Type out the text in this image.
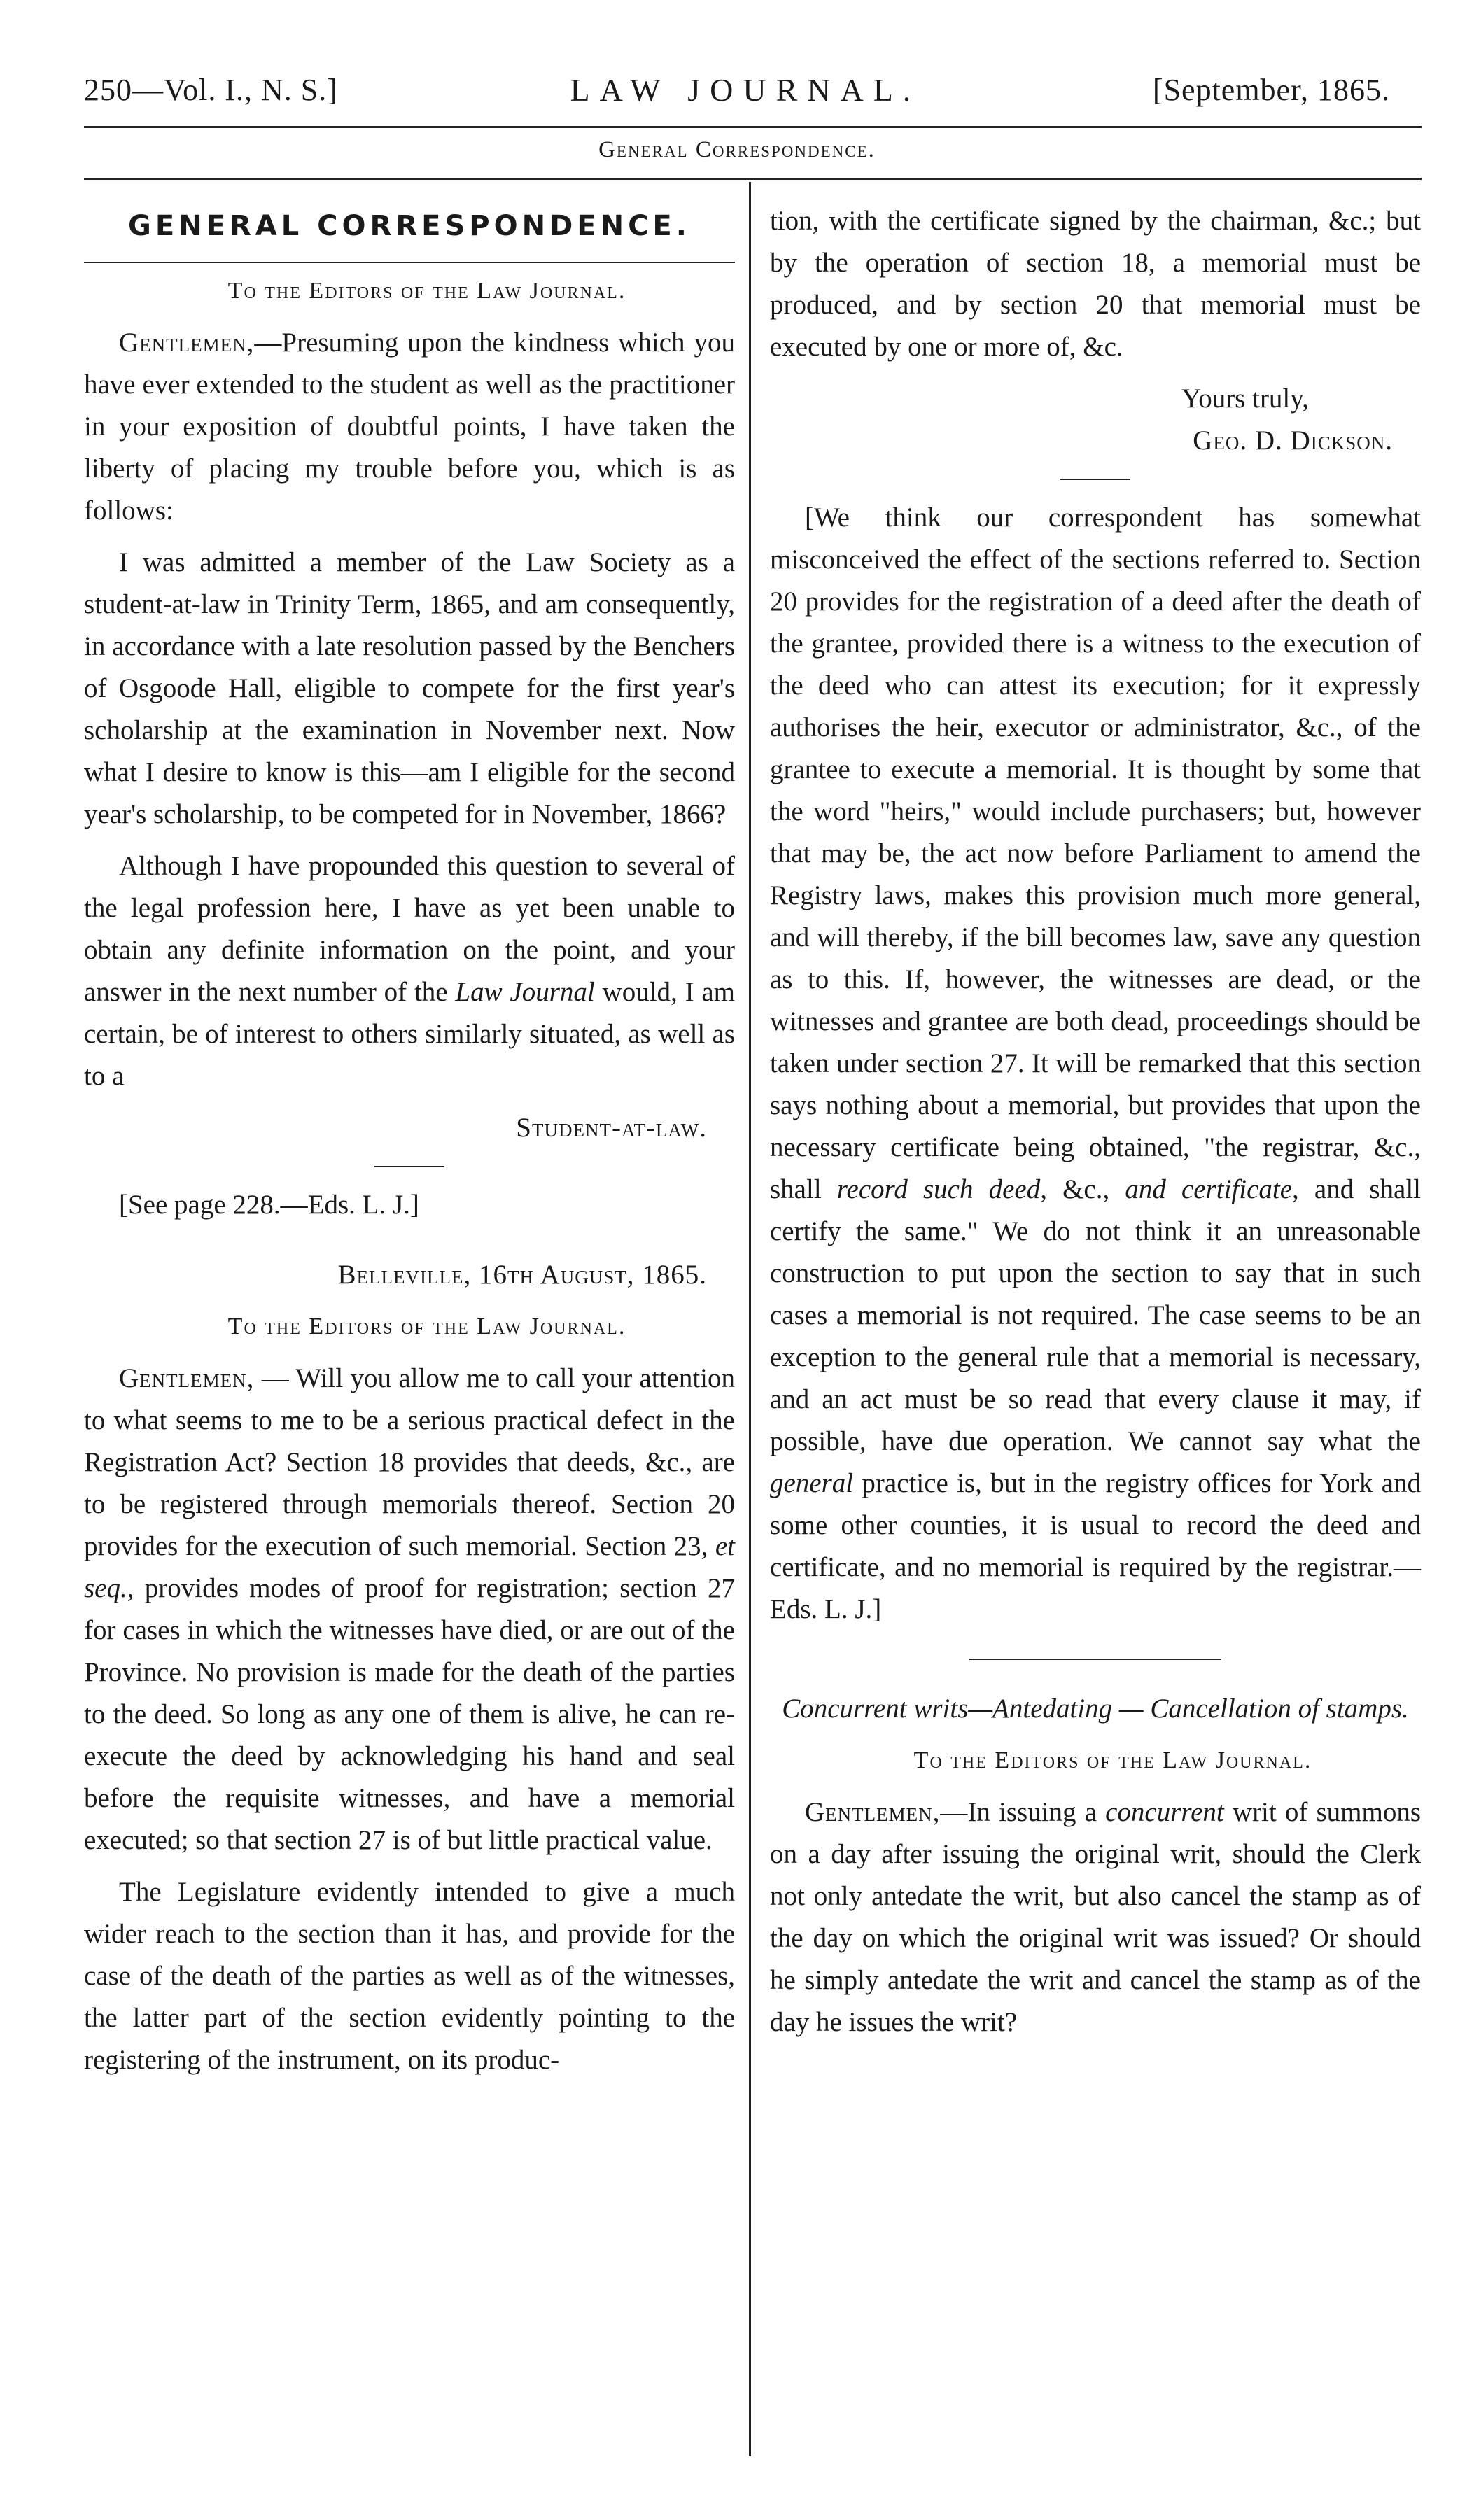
250—Vol. I., N. S.]	LAW JOURNAL.	[September, 1865.
General Correspondence.
GENERAL CORRESPONDENCE.

To the Editors of the Law Journal.

Gentlemen,—Presuming upon the kindness which you have ever extended to the student as well as the practitioner in your exposition of doubtful points, I have taken the liberty of placing my trouble before you, which is as follows:

I was admitted a member of the Law Society as a student-at-law in Trinity Term, 1865, and am consequently, in accordance with a late resolution passed by the Benchers of Osgoode Hall, eligible to compete for the first year's scholarship at the examination in November next. Now what I desire to know is this—am I eligible for the second year's scholarship, to be competed for in November, 1866?

Although I have propounded this question to several of the legal profession here, I have as yet been unable to obtain any definite information on the point, and your answer in the next number of the Law Journal would, I am certain, be of interest to others similarly situated, as well as to a

Student-at-law.

[See page 228.—Eds. L. J.]

Belleville, 16th August, 1865.

To the Editors of the Law Journal.

Gentlemen, — Will you allow me to call your attention to what seems to me to be a serious practical defect in the Registration Act? Section 18 provides that deeds, &c., are to be registered through memorials thereof. Section 20 provides for the execution of such memorial. Section 23, et seq., provides modes of proof for registration; section 27 for cases in which the witnesses have died, or are out of the Province. No provision is made for the death of the parties to the deed. So long as any one of them is alive, he can re-execute the deed by acknowledging his hand and seal before the requisite witnesses, and have a memorial executed; so that section 27 is of but little practical value.

The Legislature evidently intended to give a much wider reach to the section than it has, and provide for the case of the death of the parties as well as of the witnesses, the latter part of the section evidently pointing to the registering of the instrument, on its produc-

tion, with the certificate signed by the chairman, &c.; but by the operation of section 18, a memorial must be produced, and by section 20 that memorial must be executed by one or more of, &c.

Yours truly,

Geo. D. Dickson.

[We think our correspondent has somewhat misconceived the effect of the sections referred to. Section 20 provides for the registration of a deed after the death of the grantee, provided there is a witness to the execution of the deed who can attest its execution; for it expressly authorises the heir, executor or administrator, &c., of the grantee to execute a memorial. It is thought by some that the word "heirs," would include purchasers; but, however that may be, the act now before Parliament to amend the Registry laws, makes this provision much more general, and will thereby, if the bill becomes law, save any question as to this. If, however, the witnesses are dead, or the witnesses and grantee are both dead, proceedings should be taken under section 27. It will be remarked that this section says nothing about a memorial, but provides that upon the necessary certificate being obtained, "the registrar, &c., shall record such deed, &c., and certificate, and shall certify the same." We do not think it an unreasonable construction to put upon the section to say that in such cases a memorial is not required. The case seems to be an exception to the general rule that a memorial is necessary, and an act must be so read that every clause it may, if possible, have due operation. We cannot say what the general practice is, but in the registry offices for York and some other counties, it is usual to record the deed and certificate, and no memorial is required by the registrar.—Eds. L. J.]

Concurrent writs—Antedating — Cancellation of stamps.

To the Editors of the Law Journal.

Gentlemen,—In issuing a concurrent writ of summons on a day after issuing the original writ, should the Clerk not only antedate the writ, but also cancel the stamp as of the day on which the original writ was issued? Or should he simply antedate the writ and cancel the stamp as of the day he issues the writ?
